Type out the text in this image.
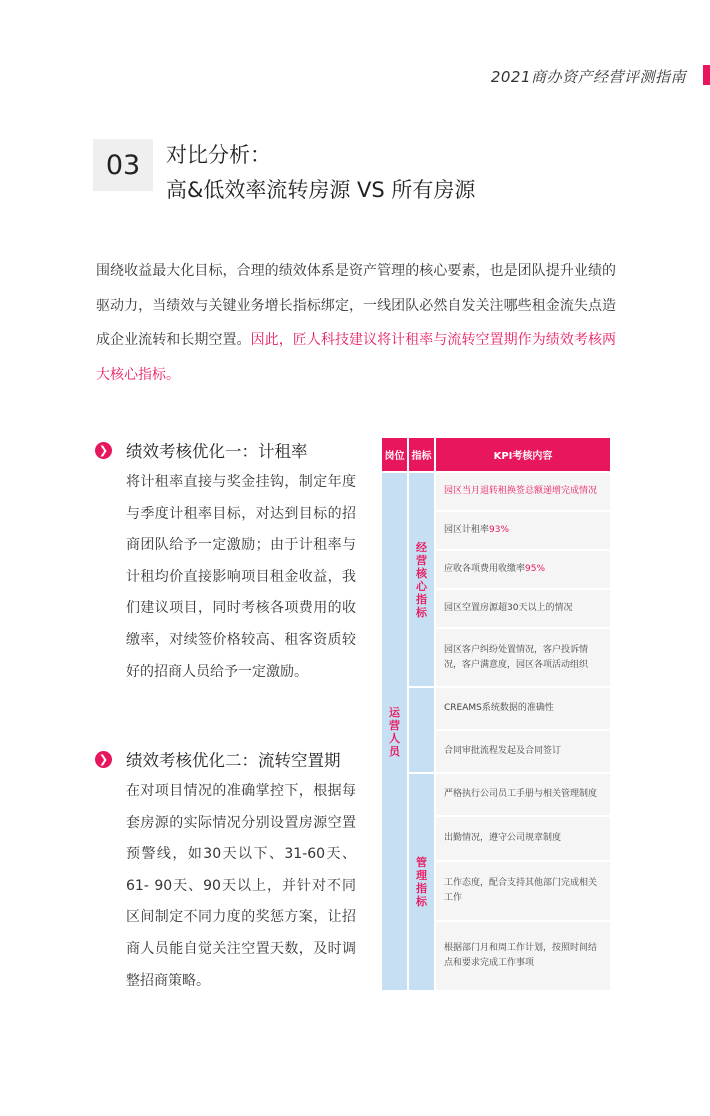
2021商办资产经营评测指南
03	对比分析：
高&低效率流转房源 VS 所有房源

围绕收益最大化目标，合理的绩效体系是资产管理的核心要素，也是团队提升业绩的驱动力，当绩效与关键业务增长指标绑定，一线团队必然自发关注哪些租金流失点造成企业流转和长期空置。因此，匠人科技建议将计租率与流转空置期作为绩效考核两大核心指标。

❯ 绩效考核优化一：计租率

将计租率直接与奖金挂钩，制定年度与季度计租率目标，对达到目标的招商团队给予一定激励；由于计租率与计租均价直接影响项目租金收益，我们建议项目，同时考核各项费用的收缴率，对续签价格较高、租客资质较好的招商人员给予一定激励。

❯ 绩效考核优化二：流转空置期

在对项目情况的准确掌控下，根据每套房源的实际情况分别设置房源空置预警线，如30天以下、31-60天、61- 90天、90天以上，并针对不同区间制定不同力度的奖惩方案，让招商人员能自觉关注空置天数，及时调整招商策略。

岗位 指标	KPI考核内容
运营人员
经营核心指标
管理指标
园区当月退转租换签总额递增完成情况
园区计租率 93%
应收各项费用收缴率 95%
园区空置房源超30天以上的情况
园区客户纠纷处置情况，客户投诉情况，客户满意度，园区各项活动组织
CREAMS系统数据的准确性
合同审批流程发起及合同签订
严格执行公司员工手册与相关管理制度
出勤情况，遵守公司规章制度
工作态度，配合支持其他部门完成相关工作
根据部门月和周工作计划，按照时间结点和要求完成工作事项
